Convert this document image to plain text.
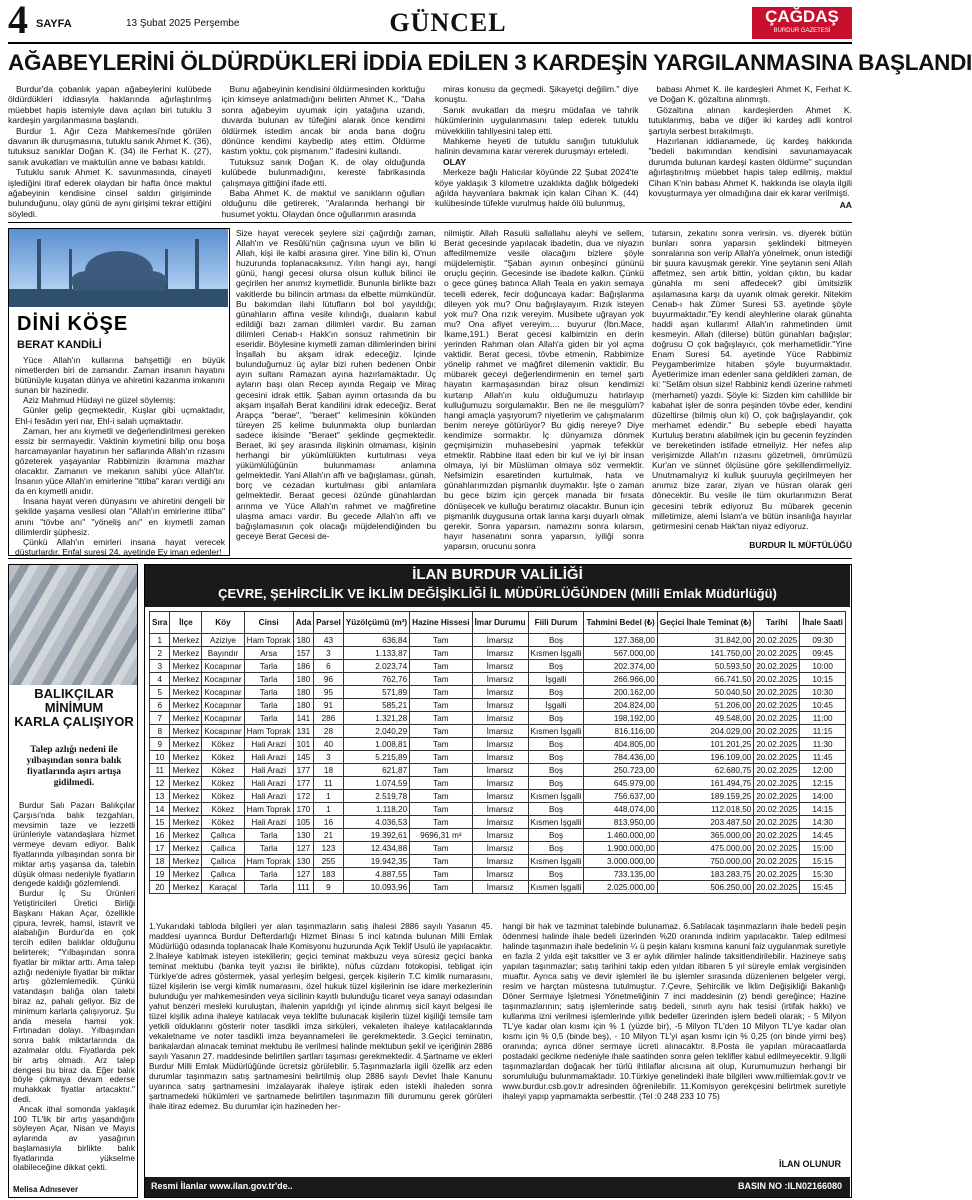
4 SAYFA	13 Şubat 2025 Perşembe	GÜNCEL	ÇAĞDAŞ
BURDUR GAZETESİ
AĞABEYLERİNİ ÖLDÜRDÜKLERİ İDDİA EDİLEN 3 KARDEŞİN YARGILANMASINA BAŞLANDI

Burdur'da çobanlık yapan ağabeylerini kulübede öldürdükleri iddiasıyla haklarında ağırlaştırılmış müebbet hapis istemiyle dava açılan biri tutuklu 3 kardeşin yargılanmasına başlandı.

Burdur 1. Ağır Ceza Mahkemesi'nde görülen davanın ilk duruşmasına, tutuklu sanık Ahmet K. (36), tutuksuz sanıklar Doğan K. (34) ile Ferhat K. (27), sanık avukatları ve maktulün anne ve babası katıldı.

Tutuklu sanık Ahmet K. savunmasında, cinayeti işlediğini itiraf ederek olaydan bir hafta önce maktul ağabeyinin kendisine cinsel saldırı girişiminde bulunduğunu, olay günü de aynı girişimi tekrar ettiğini söyledi.

Bunu ağabeyinin kendisini öldürmesinden korktuğu için kimseye anlatmadığını belirten Ahmet K., "Daha sonra ağabeyim uyumak için yatağına uzandı, duvarda bulunan av tüfeğini alarak önce kendimi öldürmek istedim ancak bir anda bana doğru dönünce kendimi kaybedip ateş ettim. Öldürme kastım yoktu, çok pişmanım." ifadesini kullandı.

Tutuksuz sanık Doğan K. de olay olduğunda kulübede bulunmadığını, kereste fabrikasında çalışmaya gittiğini ifade etti.

Baba Ahmet K. de maktul ve sanıkların oğulları olduğunu dile getirerek, "Aralarında herhangi bir husumet yoktu. Olaydan önce oğullarımın arasında

miras konusu da geçmedi. Şikayetçi değilim." diye konuştu.

Sanık avukatları da meşru müdafaa ve tahrik hükümlerinin uygulanmasını talep ederek tutuklu müvekkilin tahliyesini talep etti.

Mahkeme heyeti de tutuklu sanığın tutukluluk halinin devamına karar vererek duruşmayı erteledi.

OLAY

Merkeze bağlı Halıcılar köyünde 22 Şubat 2024'te köye yaklaşık 3 kilometre uzaklıkta dağlık bölgedeki ağılda hayvanlara bakmak için kalan Cihan K. (44) kulübesinde tüfekle vurulmuş halde ölü bulunmuş,

babası Ahmet K. ile kardeşleri Ahmet K, Ferhat K. ve Doğan K. gözaltına alınmıştı.

Gözaltına alınan kardeşlerden Ahmet K. tutuklanmış, baba ve diğer iki kardeş adli kontrol şartıyla serbest bırakılmıştı.

Hazırlanan iddianamede, üç kardeş hakkında "bedeli bakımından kendisini savunamayacak durumda bulunan kardeşi kasten öldürme" suçundan ağırlaştırılmış müebbet hapis talep edilmiş, maktul Cihan K'nin babası Ahmet K. hakkında ise olayla ilgili kovuşturmaya yer olmadığına dair ek karar verilmişti.

AA
DİNİ KÖŞE
BERAT KANDİLİ

Yüce Allah'ın kullarına bahşettiği en büyük nimetlerden biri de zamandır. Zaman insanın hayatını bütünüyle kuşatan dünya ve ahiretini kazanma imkanını sunan bir hazinedir.

Aziz Mahmud Hüdayi ne güzel söylemiş:

Günler gelip geçmektedir, Kuşlar gibi uçmaktadır, Ehl-i fesâdın yeri nar, Ehl-i salah uçmaktadır.

Zaman, her anı kıymetli ve değerlendirilmesi gereken essiz bir sermayedir. Vaktinin kıymetini bilip onu boşa harcamayanlar hayatının her saflarında Allah'ın rızasını gözeterek yaşayanlar Rabbimizin ikramına mazhar olacaktır. Zamanın ve mekanın sahibi yüce Allah'tır. İnsanın yüce Allah'ın emirlerine "ittiba" kararı verdiği anı da en kıymetli anıdır.

İnsana hayat veren dünyasını ve ahiretini dengeli bir şekilde yaşama vesilesi olan "Allah'ın emirlerine ittiba" anını "tövbe anı" "yöneliş anı" en kıymetli zaman dilimlerdir şüphesiz.

Çünkü Allah'ın emirleri insana hayat verecek düsturlardır. Enfal suresi 24. ayetinde Ey iman edenler!

Size hayat verecek şeylere sizi çağırdığı zaman, Allah'ın ve Resûlü'nün çağrısına uyun ve bilin ki Allah, kişi ile kalbi arasına girer. Yine bilin ki, O'nun huzurunda toplanacaksınız. Yılın hangi ayı, hangi günü, hangi gecesi olursa olsun kulluk bilinci ile geçirilen her anımız kıymetlidir. Bununla birlikte bazı vakitlerde bu bilincin artması da elbette mümkündür. Bu bakımdan ilahi lütufların bol bol yayıldığı; günahların affına vesile kılındığı, duaların kabul edildiği bazı zaman dilimleri vardır. Bu zaman dilimleri Cenab-ı Hakk'ın sonsuz rahmetinin bir eseridir. Böylesine kıymetli zaman dilimlerinden birini İnşallah bu akşam idrak edeceğiz. İçinde bulunduğumuz üç aylar bizi ruhen bedenen Onbir ayın sultanı Ramazan ayına hazırlamaktadır. Üç ayların başı olan Recep ayında Regaip ve Miraç gecesini idrak ettik. Şaban ayının ortasında da bu akşam inşallah Berat kandilini idrak edeceğiz. Berat Arapça "berae", "beraet" kelimesinin kökünden türeyen 25 kelime bulunmakta olup bunlardan sadece ikisinde "Beraet" şeklinde geçmektedir. Beraet, iki şey arasında ilişkinin olmaması, kişinin herhangi bir yükümlülükten kurtulması veya yükümlülüğünün bulunmaması anlamına gelmektedir. Yani Allah'ın affı ve bağışlaması, günah, borç ve cezadan kurtulması gibi anlamlara gelmektedir. Beraat gecesi özünde günahlardan arınma ve Yüce Allah'ın rahmet ve mağfiretine ulaşma amacı vardır. Bu gecede Allah'ın affı ve bağışlamasının çok olacağı müjdelendiğinden bu geceye Berat Gecesi de-
nilmiştir. Allah Rasulü sallallahu aleyhi ve sellem, Berat gecesinde yapılacak ibadetin, dua ve niyazın affedilmemize vesile olacağını bizlere şöyle müjdelemiştir. "Şaban ayının onbeşinci gününü oruçlu geçirin. Gecesinde ise ibadete kalkın. Çünkü o gece güneş batınca Allah Teala en yakın semaya tecelli ederek, fecir doğuncaya kadar: Bağışlanma dileyen yok mu? Onu bağışlayayım. Rızık isteyen yok mu? Ona rızık vereyim. Musibete uğrayan yok mu? Ona afiyet vereyim.... buyurur (İbn.Mace, İkame,191.) Berat gecesi kalbimizin en derin yerinden Rahman olan Allah'a giden bir yol açma vaktidir. Berat gecesi, tövbe etmenin, Rabbimize yönelip rahmet ve mağfiret dilemenin vaktidir. Bu mübarek geceyi değerlendirmenin en temel şartı hayatın karmaşasından biraz olsun kendimizi kurtarıp Allah'ın kulu olduğumuzu hatırlayıp kulluğumuzu sorgulamaktır. Ben ne ile meşgulüm? hangi amaçla yaşıyorum? niyetlerim ve çalışmalarım benim nereye götürüyor? Bu gidiş nereye? Diye kendimize sormaktır. İç dünyamıza dönmek geçmişimizin muhasebesini yapmak tefekkür etmektir. Rabbine itaat eden bir kul ve iyi bir insan olmaya, iyi bir Müslüman olmaya söz vermektir. Nefsimizin esaretinden kurtulmak, hata ve günahlarımızdan pişmanlık duymaktır. İşte o zaman bu gece bizim için gerçek manada bir fırsata dönüşecek ve kulluğu beratımız olacaktır. Bunun için pişmanlık duygusuna ortak larına karşı duyarlı olmak gerekir. Sonra yaparsın, namazını sonra kılarsın, hayır hasenatını sonra yaparsın, iyiliği sonra yaparsın, orucunu sonra
tutarsın, zekatını sonra verirsin. vs. diyerek bütün bunları sonra yaparsın şeklindeki bitmeyen sonralarına son verip Allah'a yönelmek, onun istediği bir şuura kavuşmak gerekir. Yine şeytanın seni Allah affetmez, sen artık bittin, yoldan çıktın, bu kadar günahla mı seni affedecek? gibi ümitsizlik aşılamasına karşı da uyanık olmak gerekir. Nitekim Cenab-ı hak Zümer Suresi 53. ayetinde şöyle buyurmaktadır."Ey kendi aleyhlerine olarak günahta haddi aşan kullarım! Allah'ın rahmetinden ümit kesmeyin. Allah (dilerse) bütün günahları bağışlar; doğrusu O çok bağışlayıcı, çok merhametlidir."Yine Enam Suresi 54. ayetinde Yüce Rabbimiz Peygamberimize hitaben şöyle buyurmaktadır. Âyetlerimize iman edenler sana geldikleri zaman, de ki: "Selâm olsun size! Rabbiniz kendi üzerine rahmeti (merhameti) yazdı. Şöyle ki: Sizden kim cahillikle bir kabahat işler de sonra peşinden tövbe eder, kendini düzeltirse (bilmiş olun ki) O, çok bağışlayandır, çok merhamet edendir." Bu sebeple ebedi hayatta Kurtuluş beratını alabilmek için bu gecenin feyzinden ve bereketinden istifade etmeliyiz. Her nefes alıp verişimizde Allah'ın rızasını gözetmeli, ömrümüzü Kur'an ve sünnet ölçüsüne göre şekillendirmeliyiz. Unutmamalıyız ki kulluk şuuruyla geçirilmeyen her anımız bize zarar, ziyan ve hüsran olarak geri dönecektir. Bu vesile ile tüm okurlarımızın Berat gecesini tebrik ediyoruz Bu mübarek gecenin milletimize, alemi İslam'a ve bütün insanlığa hayırlar getirmesini cenab Hak'tan niyaz ediyoruz.
BURDUR İL MÜFTÜLÜĞÜ
BALIKÇILAR
MİNİMUM
KARLA ÇALIŞIYOR
Talep azlığı nedeni ile yılbaşından sonra balık fiyatlarında aşırı artışa gidilmedi.

Burdur Salı Pazarı Balıkçılar Çarşısı'nda balık tezgahları, mevsimin taze ve lezzetli ürünleriyle vatandaşlara hizmet vermeye devam ediyor. Balık fiyatlarında yılbaşından sonra bir miktar artış yaşansa da, talebin düşük olması nedeniyle fiyatların dengede kaldığı gözlemlendi.

Burdur İç Su Ürünleri Yetiştiricileri Üretici Birliği Başkanı Hakan Açar, özellikle çipura, levrek, hamsi, istavrit ve alabalığın Burdur'da en çok tercih edilen balıklar olduğunu belirterek; "Yılbaşından sonra fiyatlar bir miktar arttı. Ama talep azlığı nedeniyle fiyatlar bir miktar artış gözlemlemedik. Çünkü vatandaşın balığa olan talebi biraz az, pahalı geliyor. Biz de minimum karlarla çalışıyoruz. Şu anda mesela hamsi yok. Fırtınadan dolayı. Yılbaşından sonra balık miktarlarında da azalmalar oldu. Fiyatlarda pek bir artış olmadı. Arz talep dengesi bu biraz da. Eğer balık böyle çıkmaya devam ederse muhakkak fiyatlar artacaktır." dedi.

Ancak ithal somonda yaklaşık 100 TL'lik bir artış yaşandığını söyleyen Açar, Nisan ve Mayıs aylarında av yasağının başlamasıyla birlikte balık fiyatlarında yükselme olabileceğine dikkat çekti.

Melisa Adnısever
İLAN BURDUR VALİLİĞİ
ÇEVRE, ŞEHİRCİLİK VE İKLİM DEĞİŞİKLİĞİ İL MÜDÜRLÜĞÜNDEN (Milli Emlak Müdürlüğü)
Sıra	İlçe	Köy	Cinsi	Ada	Parsel	Yüzölçümü (m²)	Hazine Hissesi	İmar Durumu	Fiili Durum	Tahmini Bedel (₺)	Geçici İhale Teminat (₺)	Tarihi	İhale Saati
1	Merkez	Aziziye	Ham Toprak	180	43	636,84	Tam	İmarsız	Boş	127.368,00	31.842,00	20.02.2025	09:30
2	Merkez	Bayındır	Arsa	157	3	1.133,87	Tam	İmarsız	Kısmen İşgalli	567.000,00	141.750,00	20.02.2025	09:45
3	Merkez	Kocapınar	Tarla	186	6	2.023,74	Tam	İmarsız	Boş	202.374,00	50.593,50	20.02.2025	10:00
4	Merkez	Kocapınar	Tarla	180	96	762,76	Tam	İmarsız	İşgalli	266.966,00	66.741,50	20.02.2025	10:15
5	Merkez	Kocapınar	Tarla	180	95	571,89	Tam	İmarsız	Boş	200.162,00	50.040,50	20.02.2025	10:30
6	Merkez	Kocapınar	Tarla	180	91	585,21	Tam	İmarsız	İşgalli	204.824,00	51.206,00	20.02.2025	10:45
7	Merkez	Kocapınar	Tarla	141	286	1.321,28	Tam	İmarsız	Boş	198.192,00	49.548,00	20.02.2025	11:00
8	Merkez	Kocapınar	Ham Toprak	131	28	2.040,29	Tam	İmarsız	Kısmen İşgalli	816.116,00	204.029,00	20.02.2025	11:15
9	Merkez	Kökez	Hali Arazi	101	40	1.008,81	Tam	İmarsız	Boş	404.805,00	101.201,25	20.02.2025	11:30
10	Merkez	Kökez	Hali Arazi	145	3	5.215,89	Tam	İmarsız	Boş	784.436,00	196.109,00	20.02.2025	11:45
11	Merkez	Kökez	Hali Arazi	177	18	621,87	Tam	İmarsız	Boş	250.723,00	62.680,75	20.02.2025	12:00
12	Merkez	Kökez	Hali Arazi	177	11	1.074,59	Tam	İmarsız	Boş	645.979,00	161.494,75	20.02.2025	12:15
13	Merkez	Kökez	Hali Arazi	172	1	2.519,78	Tam	İmarsız	Kısmen İşgalli	756.637,00	189.159,25	20.02.2025	14:00
14	Merkez	Kökez	Ham Toprak	170	1	1.118,20	Tam	İmarsız	Boş	448.074,00	112.018,50	20.02.2025	14:15
15	Merkez	Kökez	Hali Arazi	105	16	4.036,53	Tam	İmarsız	Kısmen İşgalli	813.950,00	203.487,50	20.02.2025	14:30
16	Merkez	Çallıca	Tarla	130	21	19.392,61	9696,31 m²	İmarsız	Boş	1.460.000,00	365.000,00	20.02.2025	14:45
17	Merkez	Çallıca	Tarla	127	123	12.434,88	Tam	İmarsız	Boş	1.900.000,00	475.000,00	20.02.2025	15:00
18	Merkez	Çallıca	Ham Toprak	130	255	19.942,35	Tam	İmarsız	Kısmen İşgalli	3.000.000,00	750.000,00	20.02.2025	15:15
19	Merkez	Çallıca	Tarla	127	183	4.887,55	Tam	İmarsız	Boş	733.135,00	183.283,75	20.02.2025	15:30
20	Merkez	Karaçal	Tarla	111	9	10.093,96	Tam	İmarsız	Kısmen İşgalli	2.025.000,00	506.250,00	20.02.2025	15:45
1.Yukarıdaki tabloda bilgileri yer alan taşınmazların satış ihalesi 2886 sayılı Yasanın 45. maddesi uyarınca Burdur Defterdarlığı Hizmet Binası 5 inci katında bulunan Milli Emlak Müdürlüğü odasında toplanacak İhale Komisyonu huzurunda Açık Teklif Usulü ile yapılacaktır. 2.İhaleye katılmak isteyen isteklilerin; geçici teminat makbuzu veya süresiz geçici banka teminat mektubu (banka teyit yazısı ile birlikte), nüfus cüzdanı fotokopisi, tebligat için Türkiye'de adres göstermek, yasal yerleşim belgesi, gerçek kişilerin T.C kimlik numarasını, tüzel kişilerin ise vergi kimlik numarasını, özel hukuk tüzel kişilerinin ise idare merkezlerinin bulunduğu yer mahkemesinden veya sicilinin kayıtlı bulunduğu ticaret veya sanayi odasından yahut benzeri mesleki kuruluştan, ihalenin yapıldığı yıl içinde alınmış sicil kayıt belgesi ile tüzel kişilik adına ihaleye katılacak veya teklifte bulunacak kişilerin tüzel kişiliği temsile tam yetkili olduklarını gösterir noter tasdikli imza sirküleri, vekaleten ihaleye katılacaklarında vekaletname ve noter tasdikli imza beyannameleri ile gerekmektedir. 3.Geçici teminatın, bankalardan alınacak teminat mektubu ile verilmesi halinde mektubun şekil ve içeriğinin 2886 sayılı Yasanın 27. maddesinde belirtilen şartları taşıması gerekmektedir. 4.Şartname ve ekleri Burdur Milli Emlak Müdürlüğünde ücretsiz görülebilir. 5.Taşınmazlarla ilgili özellik arz eden durumlar taşınmazın satış şartnamesini belirtilmiş olup 2886 sayılı Devlet İhale Kanunu uyarınca satış şartnamesini imzalayarak ihaleye iştirak eden istekli ihaleden sonra şartnamedeki hükümleri ve şartnamede belirtilen taşınmazın fiili durumunu gerek görüleri ihale itiraz edemez. Bu durumlar için hazineden her-
hangi bir hak ve tazminat talebinde bulunamaz. 6.Satılacak taşınmazların ihale bedeli peşin ödenmesi halinde ihale bedeli üzerinden %20 oranında indirim yapılacaktır. Talep edilmesi halinde taşınmazın ihale bedelinin ¼ ü peşin kalanı kısmına kanuni faiz uygulanmak suretiyle en fazla 2 yılda eşit taksitler ve 3 er aylık dilimler halinde taksitlendirilebilir. Hazineye satış yapılan taşınmazlar; satış tarihini takip eden yıldan itibaren 5 yıl süreyle emlak vergisinden muaftır. Ayrıca satış ve devir işlemleri ile bu işlemler sırasında düzenlenen belgeler vergi, resim ve harçtan müstesna tutulmuştur. 7.Çevre, Şehircilik ve İklim Değişikliği Bakanlığı Döner Sermaye İşletmesi Yönetmeliğinin 7 inci maddesinin (z) bendi gereğince; Hazine taşınmazlarının; satış işlemlerinde satış bedeli, sınırlı aynı hak tesisi (irtifak hakkı) ve kullanma izni verilmesi işlemlerinde yıllık bedeller üzerinden işlem bedeli olarak; - 5 Milyon TL'ye kadar olan kısmı için % 1 (yüzde bir), -5 Milyon TL'den 10 Milyon TL'ye kadar olan kısmı için % 0,5 (binde beş), - 10 Milyon TL'yi aşan kısmı için % 0,25 (on binde yirmi beş) oranında; ayrıca döner sermaye ücreti alınacaktır. 8.Posta ile yapılan müracaatlarda postadaki gecikme nedeniyle ihale saatinden sonra gelen teklifler kabul edilmeyecektir. 9.İlgili taşınmazlardan doğacak her türlü ihtilaflar alıcısına ait olup, Kurumumuzun herhangi bir sorumluluğu bulunmamaktadır. 10.Türkiye genelindeki ihale bilgileri www.milliemlak.gov.tr ve www.burdur.csb.gov.tr adresinden öğrenilebilir. 11.Komisyon gerekçesini belirtmek suretiyle ihaleyi yapıp yapmamakta serbesttir. (Tel :0 248 233 10 75)
İLAN OLUNUR
Resmi İlanlar www.ilan.gov.tr'de..	BASIN NO :ILN02166080
